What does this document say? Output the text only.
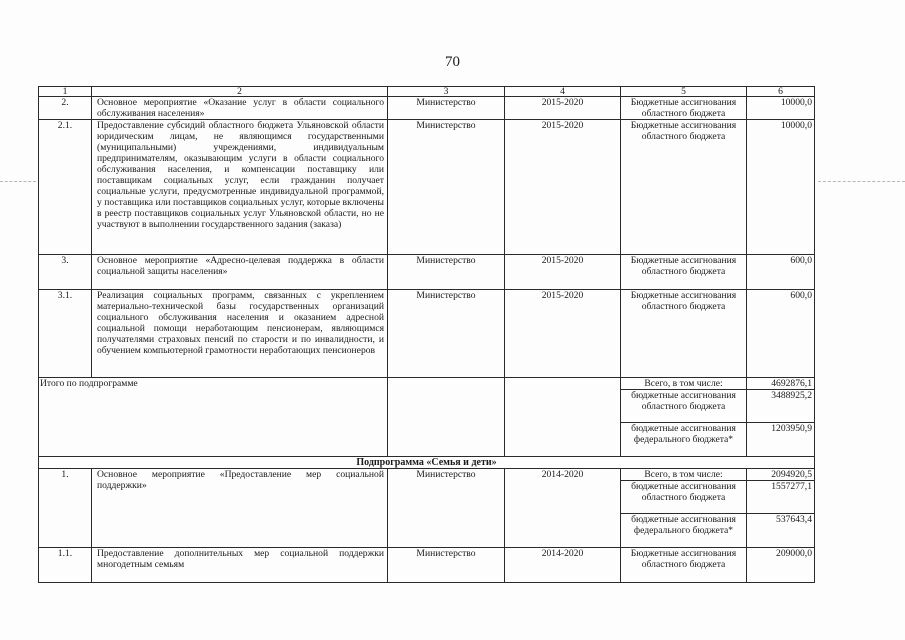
70
1	2	3	4	5	6
2.	Основное мероприятие «Оказание услуг в области социального обслуживания населения»	Министерство	2015-2020	Бюджетные ассигнования областного бюджета	10000,0
2.1.	Предоставление субсидий областного бюджета Ульяновской области юридическим лицам, не являющимся государственными (муниципальными) учреждениями, индивидуальным предпринимателям, оказывающим услуги в области социального обслуживания населения, и компенсации поставщику или поставщикам социальных услуг, если гражданин получает социальные услуги, предусмотренные индивидуальной программой, у поставщика или поставщиков социальных услуг, которые включены в реестр поставщиков социальных услуг Ульяновской области, но не участвуют в выполнении государственного задания (заказа)	Министерство	2015-2020	Бюджетные ассигнования областного бюджета	10000,0
3.	Основное мероприятие «Адресно-целевая поддержка в области социальной защиты населения»	Министерство	2015-2020	Бюджетные ассигнования областного бюджета	600,0
3.1.	Реализация социальных программ, связанных с укреплением материально-технической базы государственных организаций социального обслуживания населения и оказанием адресной социальной помощи неработающим пенсионерам, являющимся получателями страховых пенсий по старости и по инвалидности, и обучением компьютерной грамотности неработающих пенсионеров	Министерство	2015-2020	Бюджетные ассигнования областного бюджета	600,0
Итого по подпрограмме				Всего, в том числе:	4692876,1
				бюджетные ассигнования областного бюджета	3488925,2
				бюджетные ассигнования федерального бюджета*	1203950,9
Подпрограмма «Семья и дети»					
1.	Основное мероприятие «Предоставление мер социальной поддержки»	Министерство	2014-2020	Всего, в том числе:	2094920,5
				бюджетные ассигнования областного бюджета	1557277,1
				бюджетные ассигнования федерального бюджета*	537643,4
1.1.	Предоставление дополнительных мер социальной поддержки многодетным семьям	Министерство	2014-2020	Бюджетные ассигнования областного бюджета	209000,0
